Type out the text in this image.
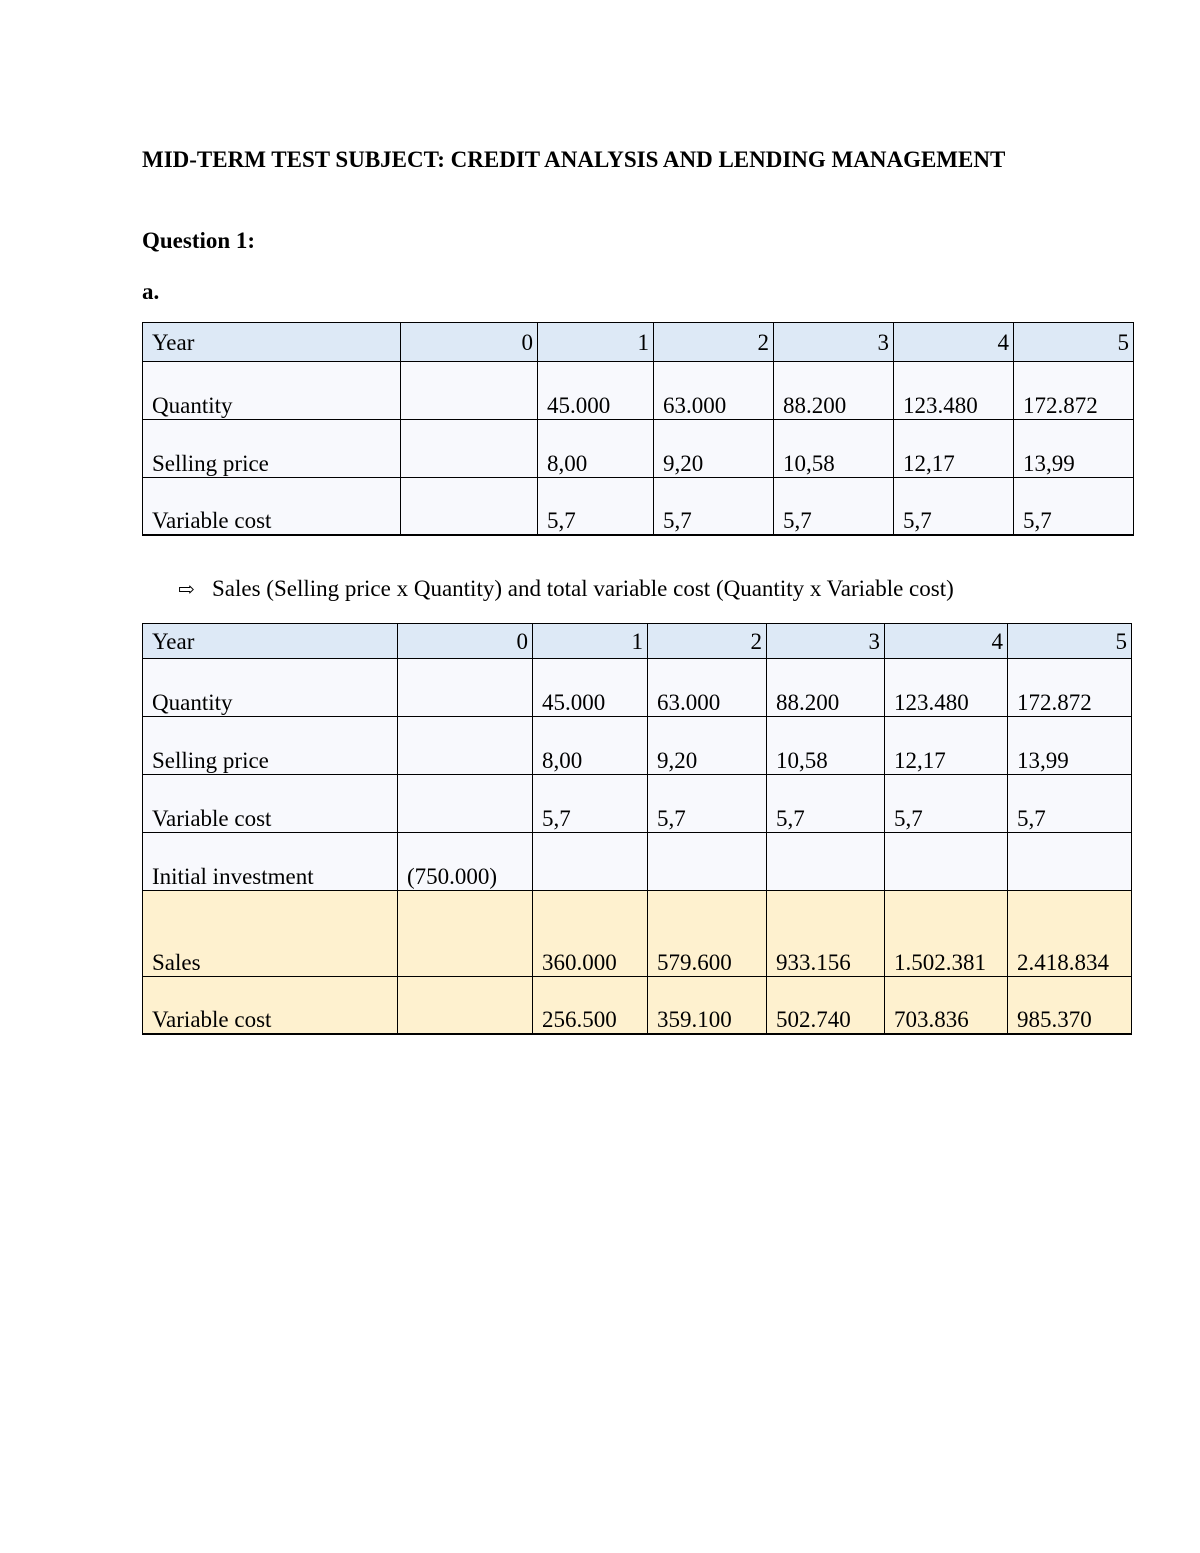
MID-TERM TEST SUBJECT: CREDIT ANALYSIS AND LENDING MANAGEMENT
Question 1:

a.

Year	0	1	2	3	4	5
Quantity		45.000	63.000	88.200	123.480	172.872
Selling price		8,00	9,20	10,58	12,17	13,99
Variable cost		5,7	5,7	5,7	5,7	5,7

⇨ Sales (Selling price x Quantity) and total variable cost (Quantity x Variable cost)

Year	0	1	2	3	4	5
Quantity		45.000	63.000	88.200	123.480	172.872
Selling price		8,00	9,20	10,58	12,17	13,99
Variable cost		5,7	5,7	5,7	5,7	5,7
Initial investment	(750.000)					
Sales		360.000	579.600	933.156	1.502.381	2.418.834
Variable cost		256.500	359.100	502.740	703.836	985.370
